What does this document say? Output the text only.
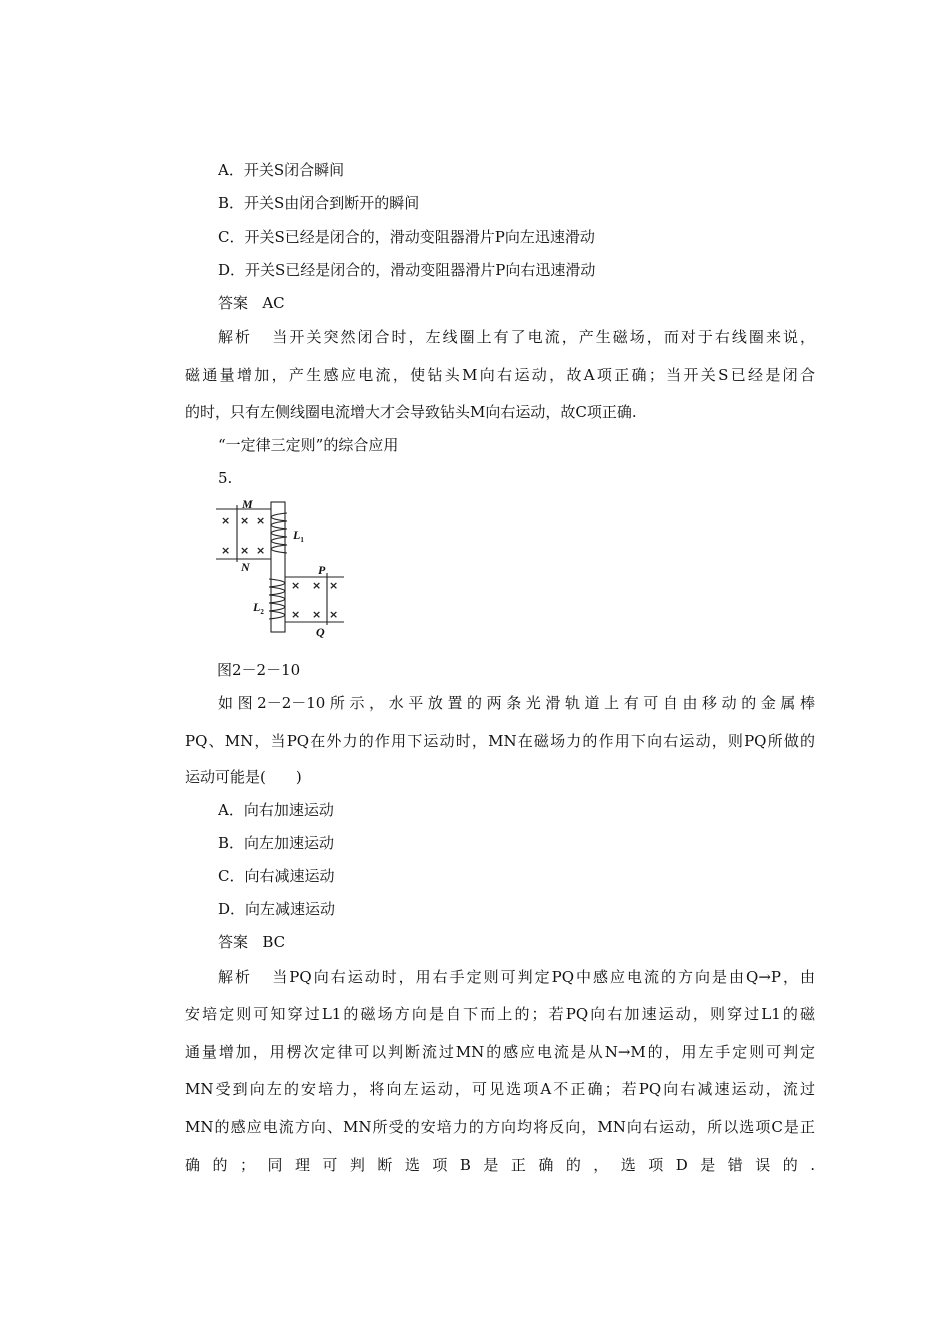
A．开关S闭合瞬间
B．开关S由闭合到断开的瞬间
C．开关S已经是闭合的，滑动变阻器滑片P向左迅速滑动
D．开关S已经是闭合的，滑动变阻器滑片P向右迅速滑动
答案 AC
解析 当开关突然闭合时，左线圈上有了电流，产生磁场，而对于右线圈来说，
磁通量增加，产生感应电流，使钻头M向右运动，故A项正确；当开关S已经是闭合
的时，只有左侧线圈电流增大才会导致钻头M向右运动，故C项正确.
“一定律三定则”的综合应用
5.
× × ×
× × ×
× × ×
× × ×
M
N
$L_1$
$L_2$
P
Q
图2－2－10
如图2－2－10所示，水平放置的两条光滑轨道上有可自由移动的金属棒
PQ、MN，当PQ在外力的作用下运动时，MN在磁场力的作用下向右运动，则PQ所做的
运动可能是(　　)
A．向右加速运动
B．向左加速运动
C．向右减速运动
D．向左减速运动
答案 BC
解析 当PQ向右运动时，用右手定则可判定PQ中感应电流的方向是由Q→P，由
安培定则可知穿过L1的磁场方向是自下而上的；若PQ向右加速运动，则穿过L1的磁
通量增加，用楞次定律可以判断流过MN的感应电流是从N→M的，用左手定则可判定
MN受到向左的安培力，将向左运动，可见选项A不正确；若PQ向右减速运动，流过
MN的感应电流方向、MN所受的安培力的方向均将反向，MN向右运动，所以选项C是正
确的；同理可判断选项B是正确的，选项D是错误的.
